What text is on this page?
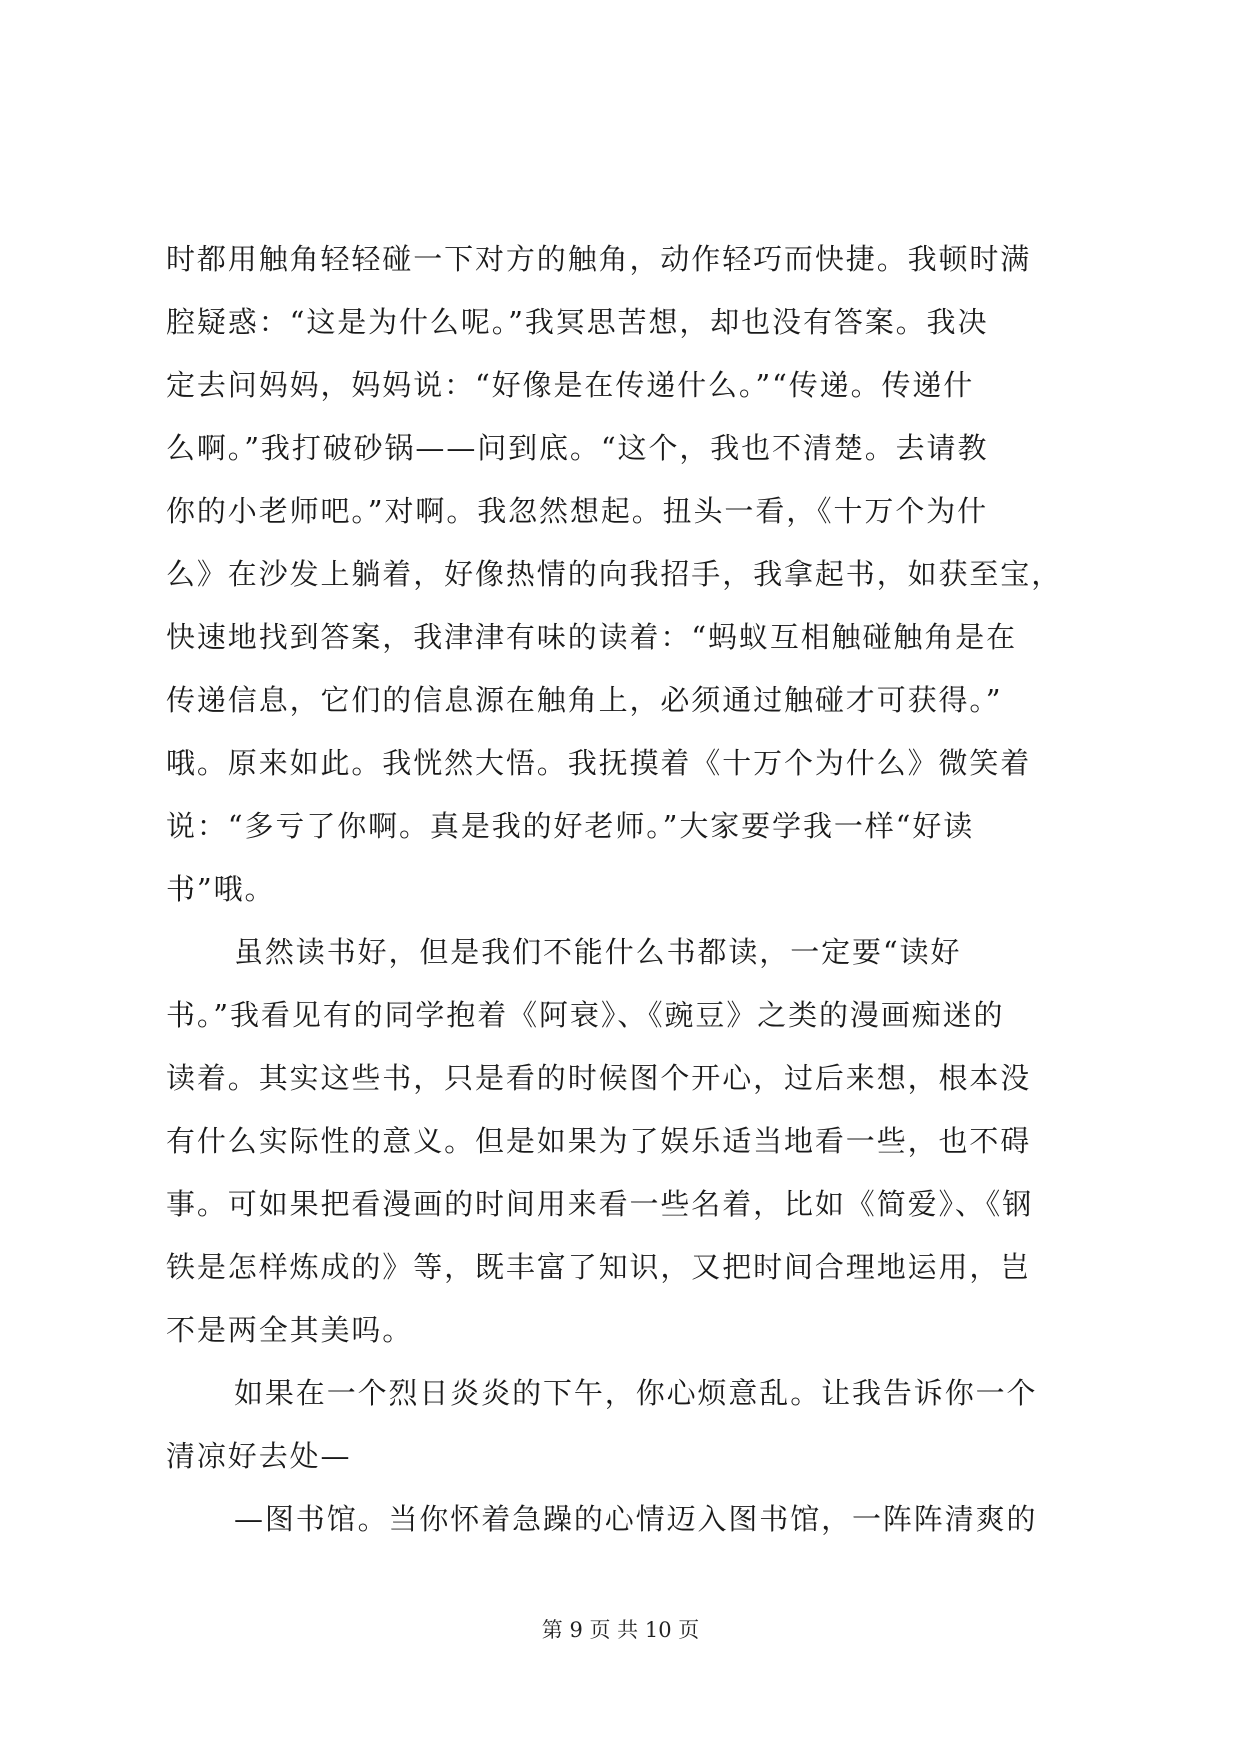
时都用触角轻轻碰一下对方的触角，动作轻巧而快捷。我顿时满
腔疑惑：“这是为什么呢。”我冥思苦想，却也没有答案。我决
定去问妈妈，妈妈说：“好像是在传递什么。”“传递。传递什
么啊。”我打破砂锅——问到底。“这个，我也不清楚。去请教
你的小老师吧。”对啊。我忽然想起。扭头一看，《十万个为什
么》在沙发上躺着，好像热情的向我招手，我拿起书，如获至宝，
快速地找到答案，我津津有味的读着：“蚂蚁互相触碰触角是在
传递信息，它们的信息源在触角上，必须通过触碰才可获得。”
哦。原来如此。我恍然大悟。我抚摸着《十万个为什么》微笑着
说：“多亏了你啊。真是我的好老师。”大家要学我一样“好读
书”哦。
虽然读书好，但是我们不能什么书都读，一定要“读好
书。”我看见有的同学抱着《阿衰》、《豌豆》之类的漫画痴迷的
读着。其实这些书，只是看的时候图个开心，过后来想，根本没
有什么实际性的意义。但是如果为了娱乐适当地看一些，也不碍
事。可如果把看漫画的时间用来看一些名着，比如《简爱》、《钢
铁是怎样炼成的》等，既丰富了知识，又把时间合理地运用，岂
不是两全其美吗。
如果在一个烈日炎炎的下午，你心烦意乱。让我告诉你一个
清凉好去处—
—图书馆。当你怀着急躁的心情迈入图书馆，一阵阵清爽的
第 9 页 共 10 页
